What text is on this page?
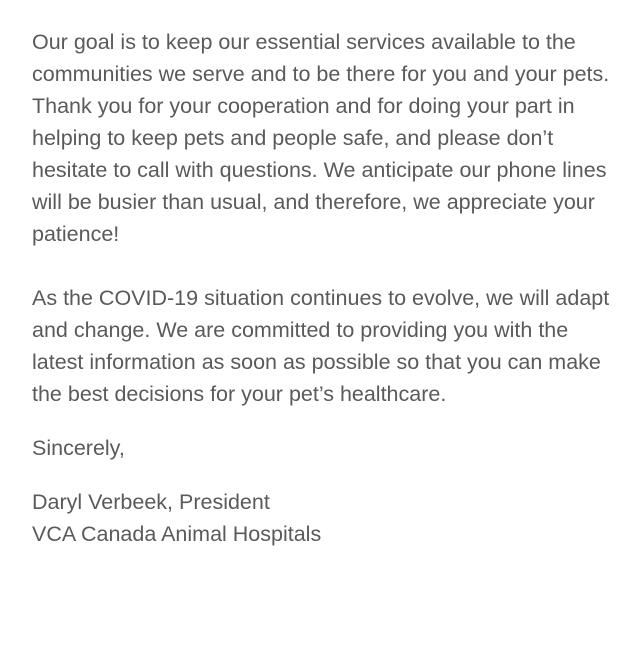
Our goal is to keep our essential services available to the communities we serve and to be there for you and your pets. Thank you for your cooperation and for doing your part in helping to keep pets and people safe, and please don’t hesitate to call with questions. We anticipate our phone lines will be busier than usual, and therefore, we appreciate your patience!

As the COVID-19 situation continues to evolve, we will adapt and change. We are committed to providing you with the latest information as soon as possible so that you can make the best decisions for your pet’s healthcare.

Sincerely,

Daryl Verbeek, President
VCA Canada Animal Hospitals
